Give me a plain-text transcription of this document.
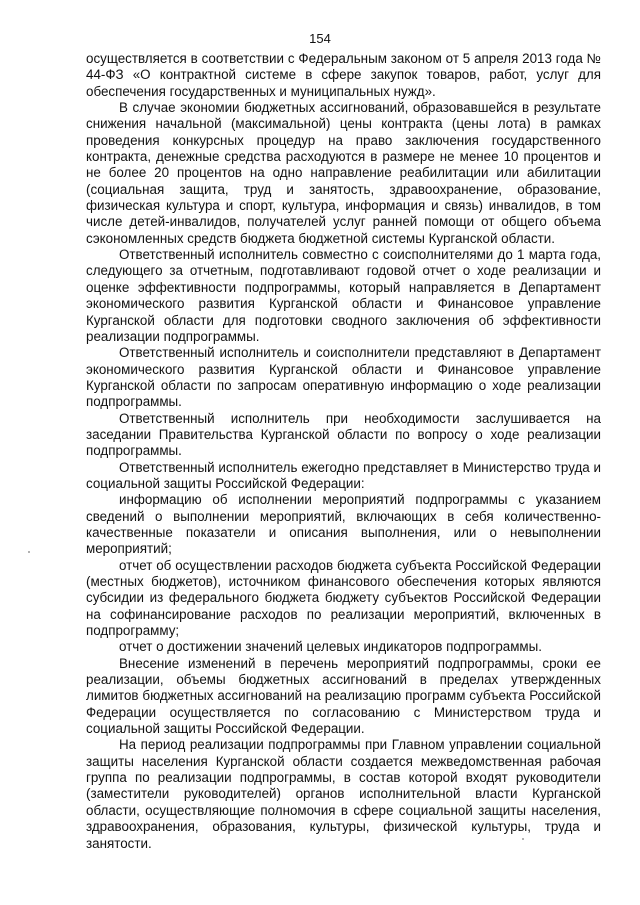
154

осуществляется в соответствии с Федеральным законом от 5 апреля 2013 года № 44-ФЗ «О контрактной системе в сфере закупок товаров, работ, услуг для обеспечения государственных и муниципальных нужд».

В случае экономии бюджетных ассигнований, образовавшейся в результате снижения начальной (максимальной) цены контракта (цены лота) в рамках проведения конкурсных процедур на право заключения государственного контракта, денежные средства расходуются в размере не менее 10 процентов и не более 20 процентов на одно направление реабилитации или абилитации (социальная защита, труд и занятость, здравоохранение, образование, физическая культура и спорт, культура, информация и связь) инвалидов, в том числе детей-инвалидов, получателей услуг ранней помощи от общего объема сэкономленных средств бюджета бюджетной системы Курганской области.

Ответственный исполнитель совместно с соисполнителями до 1 марта года, следующего за отчетным, подготавливают годовой отчет о ходе реализации и оценке эффективности подпрограммы, который направляется в Департамент экономического развития Курганской области и Финансовое управление Курганской области для подготовки сводного заключения об эффективности реализации подпрограммы.

Ответственный исполнитель и соисполнители представляют в Департамент экономического развития Курганской области и Финансовое управление Курганской области по запросам оперативную информацию о ходе реализации подпрограммы.

Ответственный исполнитель при необходимости заслушивается на заседании Правительства Курганской области по вопросу о ходе реализации подпрограммы.

Ответственный исполнитель ежегодно представляет в Министерство труда и социальной защиты Российской Федерации:

информацию об исполнении мероприятий подпрограммы с указанием сведений о выполнении мероприятий, включающих в себя количественно-качественные показатели и описания выполнения, или о невыполнении мероприятий;

отчет об осуществлении расходов бюджета субъекта Российской Федерации (местных бюджетов), источником финансового обеспечения которых являются субсидии из федерального бюджета бюджету субъектов Российской Федерации на софинансирование расходов по реализации мероприятий, включенных в подпрограмму;

отчет о достижении значений целевых индикаторов подпрограммы.

Внесение изменений в перечень мероприятий подпрограммы, сроки ее реализации, объемы бюджетных ассигнований в пределах утвержденных лимитов бюджетных ассигнований на реализацию программ субъекта Российской Федерации осуществляется по согласованию с Министерством труда и социальной защиты Российской Федерации.

На период реализации подпрограммы при Главном управлении социальной защиты населения Курганской области создается межведомственная рабочая группа по реализации подпрограммы, в состав которой входят руководители (заместители руководителей) органов исполнительной власти Курганской области, осуществляющие полномочия в сфере социальной защиты населения, здравоохранения, образования, культуры, физической культуры, труда и занятости.
